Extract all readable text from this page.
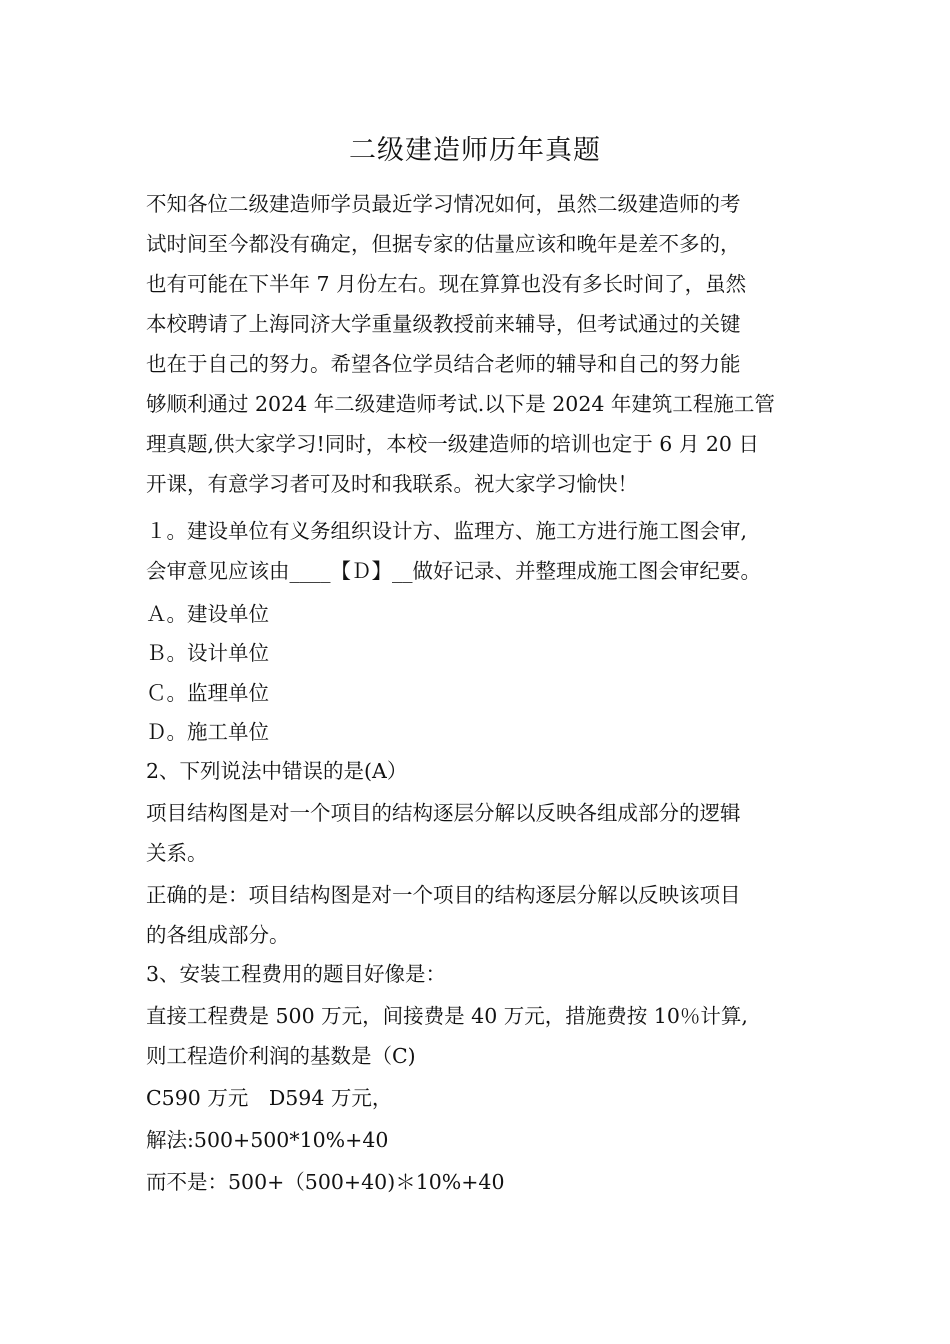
二级建造师历年真题
不知各位二级建造师学员最近学习情况如何，虽然二级建造师的考
试时间至今都没有确定，但据专家的估量应该和晚年是差不多的，
也有可能在下半年 7 月份左右。现在算算也没有多长时间了，虽然
本校聘请了上海同济大学重量级教授前来辅导，但考试通过的关键
也在于自己的努力。希望各位学员结合老师的辅导和自己的努力能
够顺利通过 2024 年二级建造师考试.以下是 2024 年建筑工程施工管
理真题,供大家学习!同时，本校一级建造师的培训也定于 6 月 20 日
开课，有意学习者可及时和我联系。祝大家学习愉快！
１。建设单位有义务组织设计方、监理方、施工方进行施工图会审,
会审意见应该由____【Ｄ】__做好记录、并整理成施工图会审纪要。
Ａ。建设单位
Ｂ。设计单位
Ｃ。监理单位
Ｄ。施工单位
2、下列说法中错误的是(A）
项目结构图是对一个项目的结构逐层分解以反映各组成部分的逻辑
关系。
正确的是：项目结构图是对一个项目的结构逐层分解以反映该项目
的各组成部分。
3、安装工程费用的题目好像是：
直接工程费是 500 万元，间接费是 40 万元，措施费按 10％计算,
则工程造价利润的基数是（C)
C590 万元　D594 万元，
解法:500+500*10%+40
而不是：500+（500+40)＊10%+40
